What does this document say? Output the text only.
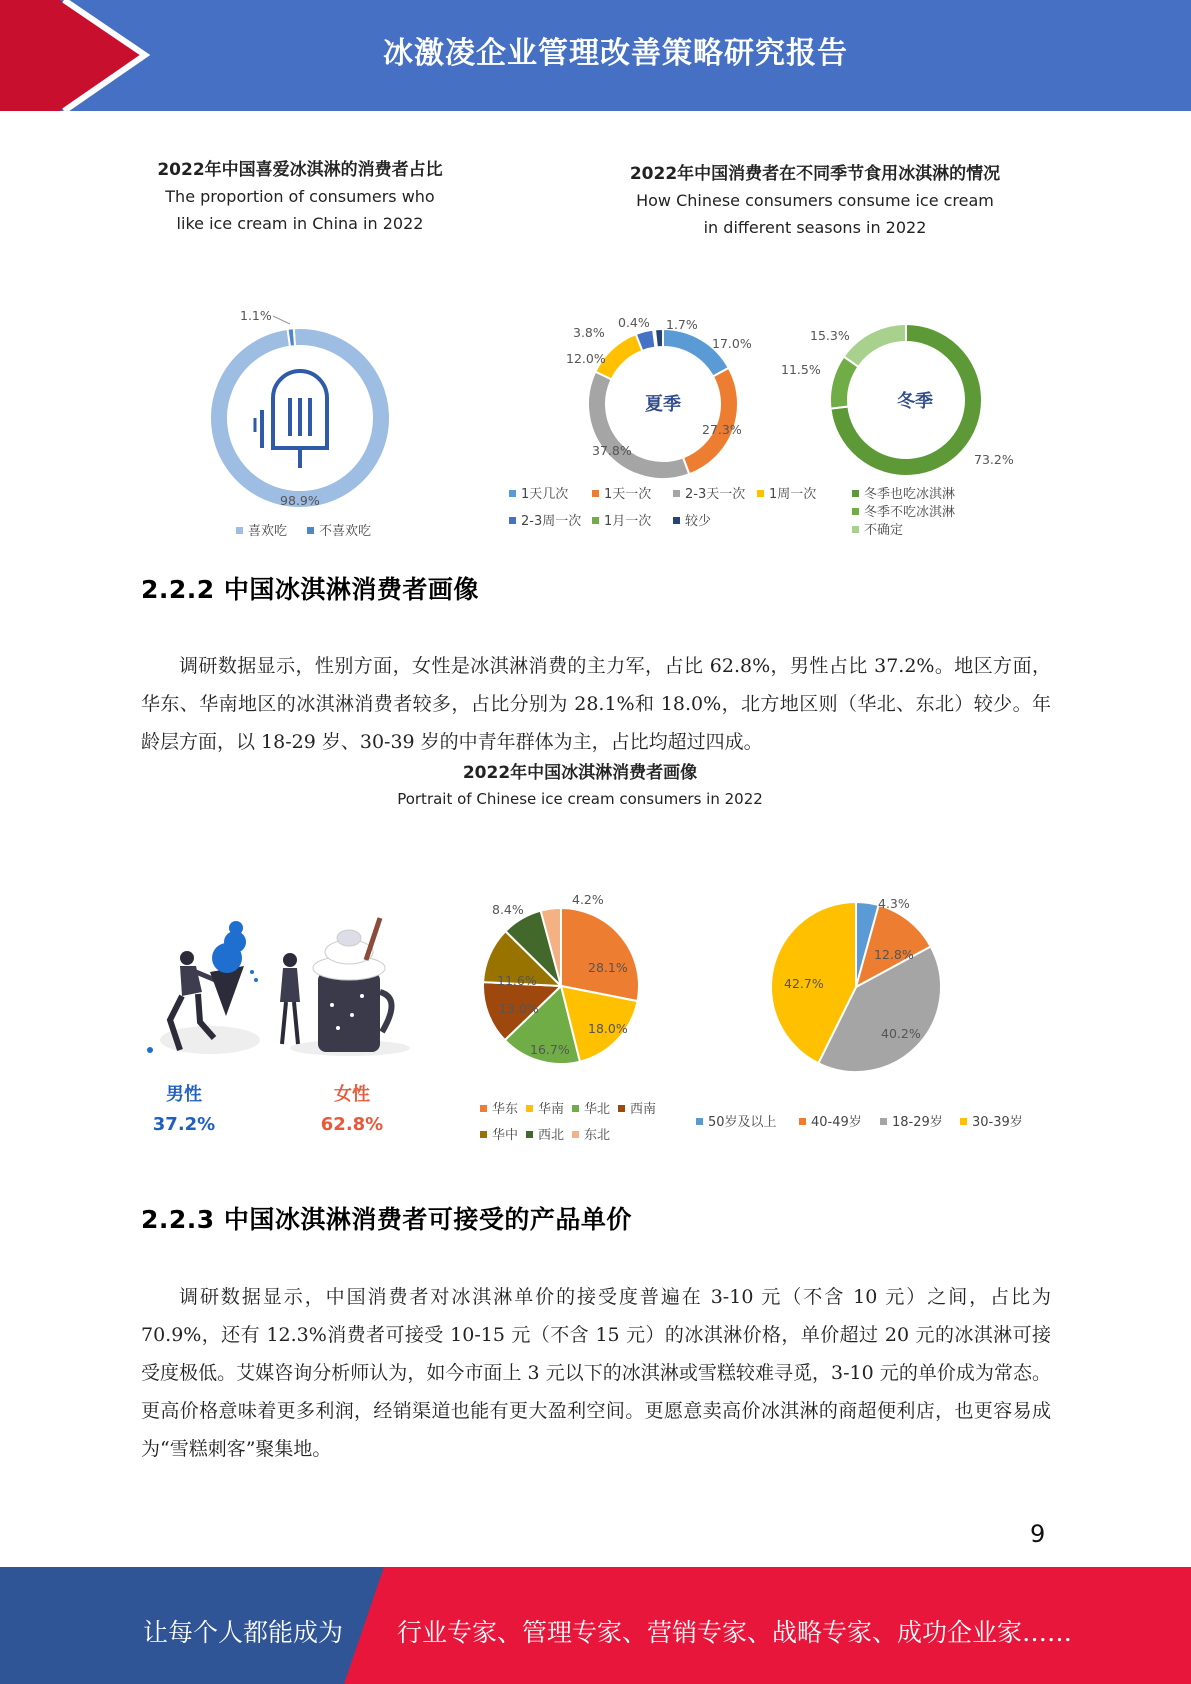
冰激凌企业管理改善策略研究报告
2022年中国喜爱冰淇淋的消费者占比
The proportion of consumers who
like ice cream in China in 2022
2022年中国消费者在不同季节食用冰淇淋的情况
How Chinese consumers consume ice cream
in different seasons in 2022
98.9%
1.1%
夏季
17.0%
27.3%
37.8%
12.0%
3.8%
0.4% 1.7%
冬季
73.2%
11.5%
15.3%
喜欢吃 不喜欢吃
1天几次	1天一次	2-3天一次 1周一次
2-3周一次 1月一次	较少
冬季也吃冰淇淋
冬季不吃冰淇淋
不确定
2.2.2 中国冰淇淋消费者画像
调研数据显示，性别方面，女性是冰淇淋消费的主力军，占比 62.8%，男性占比 37.2%。地区方面，华东、华南地区的冰淇淋消费者较多，占比分别为 28.1%和 18.0%，北方地区则（华北、东北）较少。年龄层方面，以 18-29 岁、30-39 岁的中青年群体为主，占比均超过四成。
2022年中国冰淇淋消费者画像
Portrait of Chinese ice cream consumers in 2022
男性
37.2%
女性
62.8%
28.1%
18.0%
16.7%
13.0%
11.6%
8.4%
4.2%	4.3%
12.8%
40.2%
42.7%
华东 华南 华北 西南
华中 西北 东北
50岁及以上	40-49岁 18-29岁 30-39岁
2.2.3 中国冰淇淋消费者可接受的产品单价
调研数据显示，中国消费者对冰淇淋单价的接受度普遍在 3-10 元（不含 10 元）之间，占比为 70.9%，还有 12.3%消费者可接受 10-15 元（不含 15 元）的冰淇淋价格，单价超过 20 元的冰淇淋可接受度极低。艾媒咨询分析师认为，如今市面上 3 元以下的冰淇淋或雪糕较难寻觅，3-10 元的单价成为常态。更高价格意味着更多利润，经销渠道也能有更大盈利空间。更愿意卖高价冰淇淋的商超便利店，也更容易成为“雪糕刺客”聚集地。
9
让每个人都能成为 行业专家、管理专家、营销专家、战略专家、成功企业家……
